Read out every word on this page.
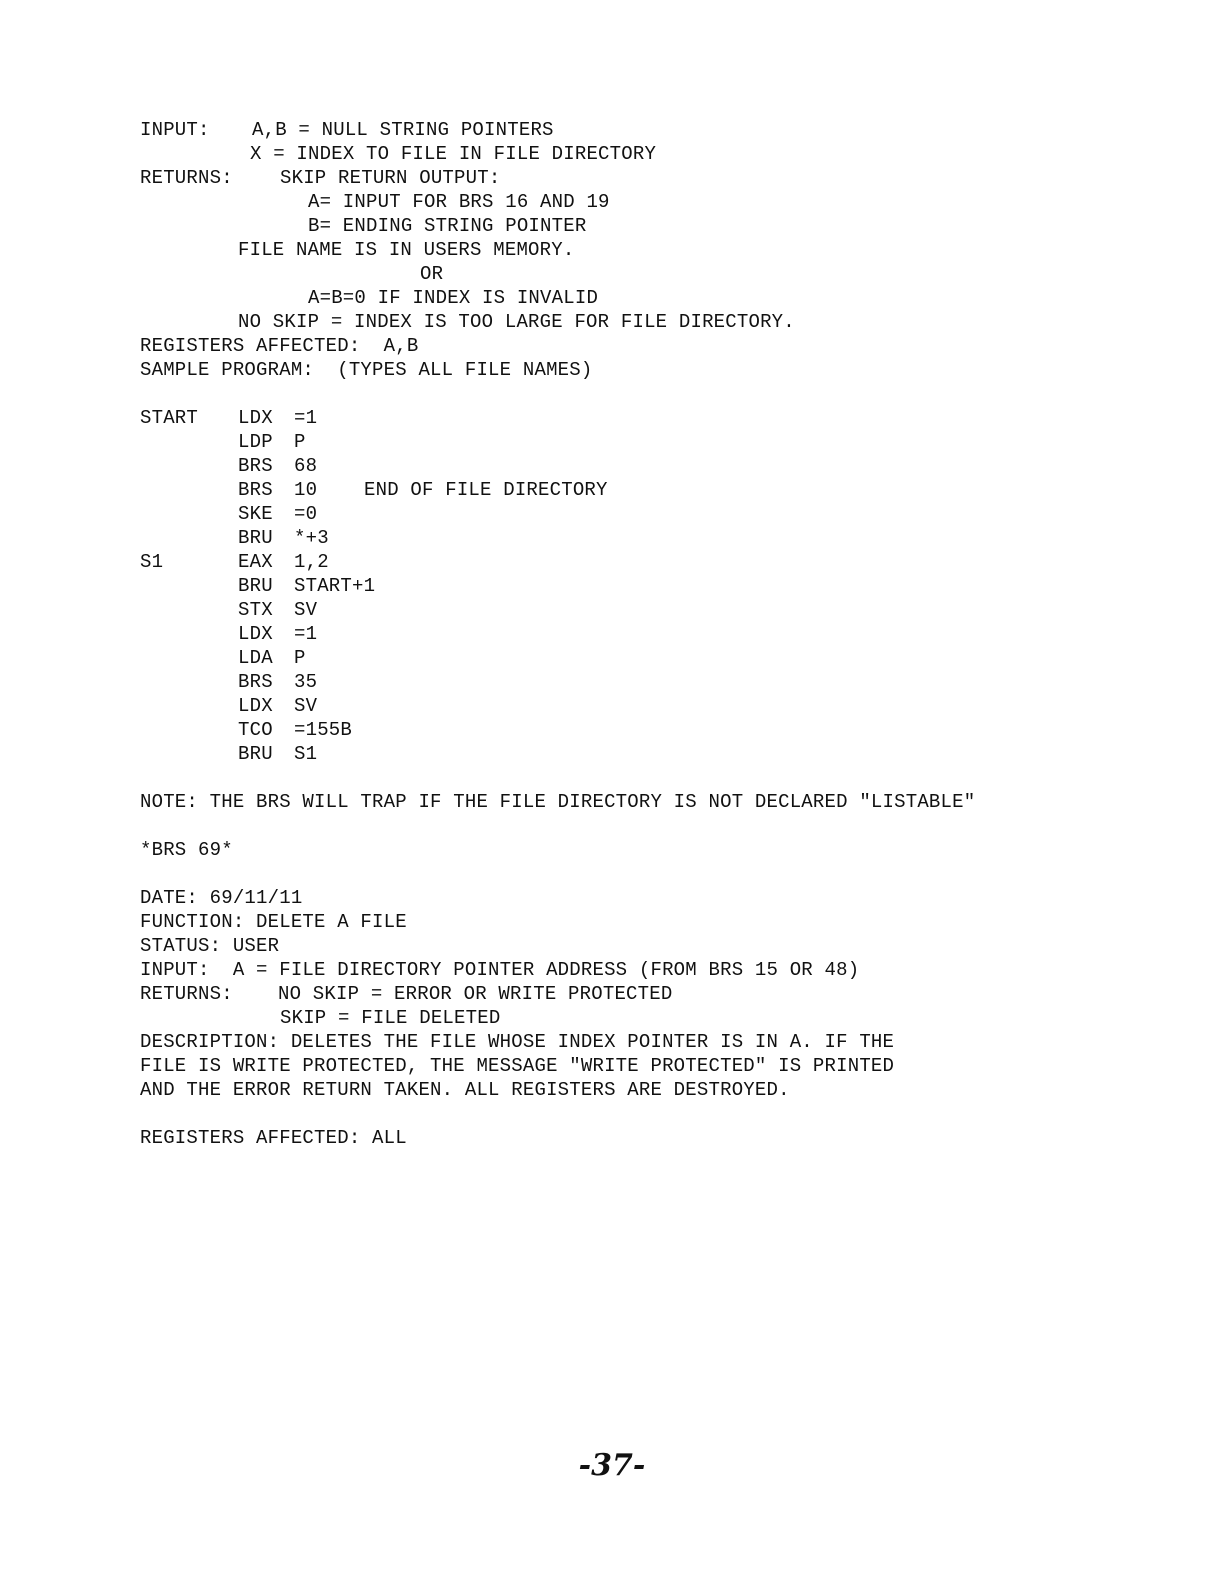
INPUT:

A,B = NULL STRING POINTERS

X = INDEX TO FILE IN FILE DIRECTORY

RETURNS:

SKIP RETURN OUTPUT:

A= INPUT FOR BRS 16 AND 19

B= ENDING STRING POINTER

FILE NAME IS IN USERS MEMORY.

OR

A=B=0 IF INDEX IS INVALID

NO SKIP = INDEX IS TOO LARGE FOR FILE DIRECTORY.

REGISTERS AFFECTED:  A,B

SAMPLE PROGRAM:  (TYPES ALL FILE NAMES)

START LDX =1
LDP P
BRS 68
BRS 10 END OF FILE DIRECTORY
SKE =0
BRU *+3
S1	EAX 1,2
BRU START+1
STX SV
LDX =1
LDA P
BRS 35
LDX SV
TCO =155B
BRU S1

NOTE: THE BRS WILL TRAP IF THE FILE DIRECTORY IS NOT DECLARED "LISTABLE"

*BRS 69*

DATE: 69/11/11

FUNCTION: DELETE A FILE

STATUS: USER

INPUT:  A = FILE DIRECTORY POINTER ADDRESS (FROM BRS 15 OR 48)

RETURNS:

NO SKIP = ERROR OR WRITE PROTECTED

SKIP = FILE DELETED

DESCRIPTION: DELETES THE FILE WHOSE INDEX POINTER IS IN A. IF THE

FILE IS WRITE PROTECTED, THE MESSAGE "WRITE PROTECTED" IS PRINTED

AND THE ERROR RETURN TAKEN. ALL REGISTERS ARE DESTROYED.

REGISTERS AFFECTED: ALL

-37-
